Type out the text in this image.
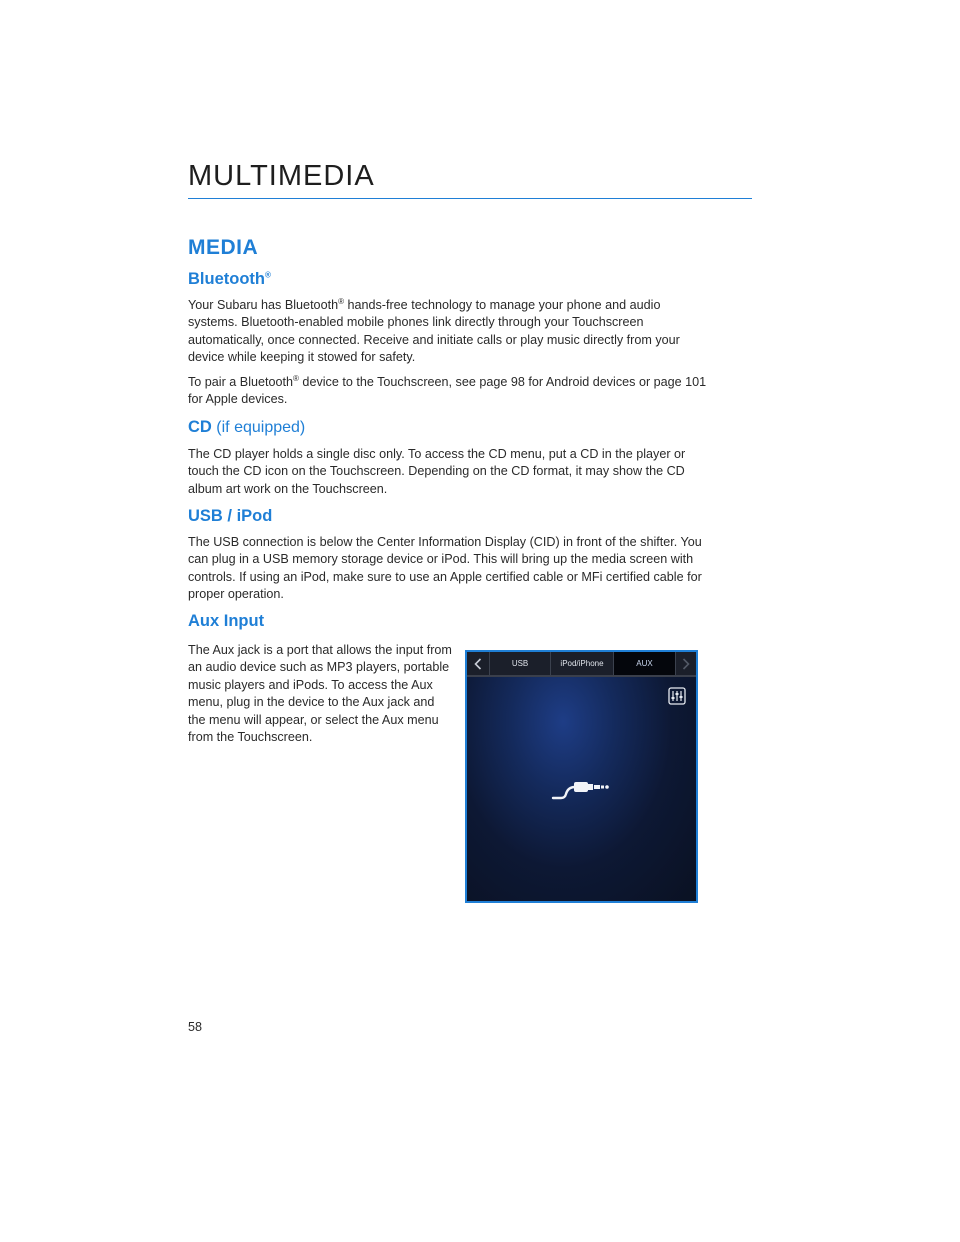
MULTIMEDIA
MEDIA
Bluetooth®

Your Subaru has Bluetooth® hands-free technology to manage your phone and audio systems. Bluetooth-enabled mobile phones link directly through your Touchscreen automatically, once connected. Receive and initiate calls or play music directly from your device while keeping it stowed for safety.

To pair a Bluetooth® device to the Touchscreen, see page 98 for Android devices or page 101 for Apple devices.

CD (if equipped)

The CD player holds a single disc only. To access the CD menu, put a CD in the player or touch the CD icon on the Touchscreen. Depending on the CD format, it may show the CD album art work on the Touchscreen.

USB / iPod

The USB connection is below the Center Information Display (CID) in front of the shifter. You can plug in a USB memory storage device or iPod. This will bring up the media screen with controls. If using an iPod, make sure to use an Apple certified cable or MFi certified cable for proper operation.

Aux Input

The Aux jack is a port that allows the input from an audio device such as MP3 players, portable music players and iPods. To access the Aux menu, plug in the device to the Aux jack and the menu will appear, or select the Aux menu from the Touchscreen.

USB	iPod/iPhone	AUX
58
